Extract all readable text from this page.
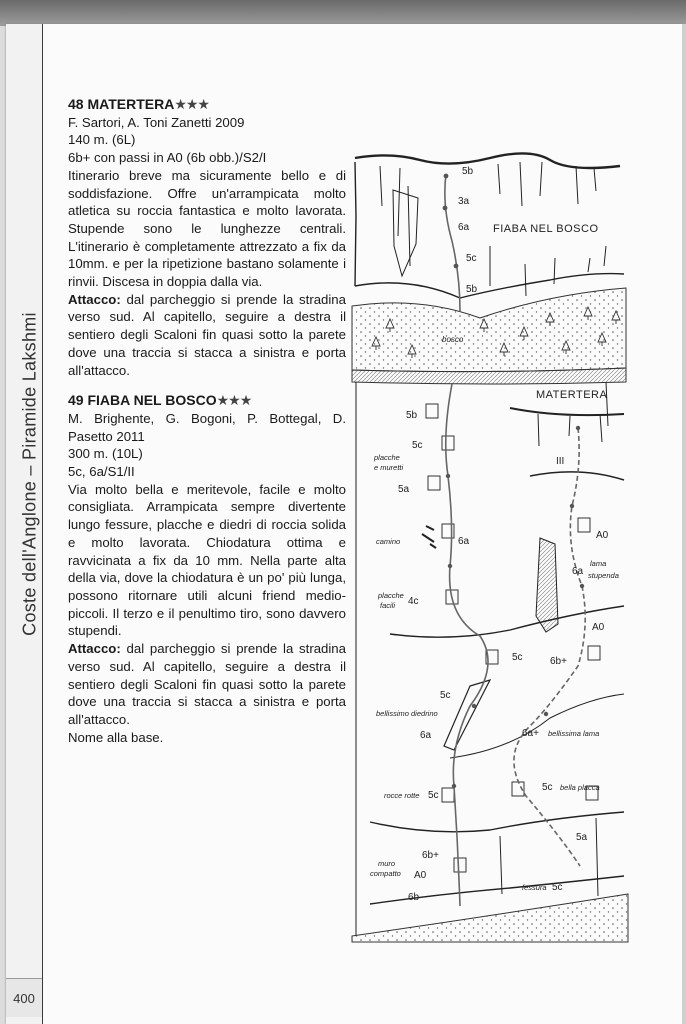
Coste dell'Anglone – Piramide Lakshmi
400

48 MATERTERA★★★

F. Sartori, A. Toni Zanetti 2009

140 m. (6L)

6b+ con passi in A0 (6b obb.)/S2/I

Itinerario breve ma sicuramente bello e di soddisfazione. Offre un'arrampicata molto atletica su roccia fantastica e molto lavorata. Stupende sono le lunghezze centrali. L'itinerario è completamente attrezzato a fix da 10mm. e per la ripetizione bastano solamente i rinvii. Discesa in doppia dalla via.

Attacco: dal parcheggio si prende la stradina verso sud. Al capitello, seguire a destra il sentiero degli Scaloni fin quasi sotto la parete dove una traccia si stacca a sinistra e porta all'attacco.

49 FIABA NEL BOSCO★★★

M. Brighente, G. Bogoni, P. Bottegal, D. Pasetto 2011

300 m. (10L)

5c, 6a/S1/II

Via molto bella e meritevole, facile e molto consigliata. Arrampicata sempre divertente lungo fessure, placche e diedri di roccia solida e molto lavorata. Chiodatura ottima e ravvicinata a fix da 10 mm. Nella parte alta della via, dove la chiodatura è un po' più lunga, possono ritornare utili alcuni friend medio-piccoli. Il terzo e il penultimo tiro, sono davvero stupendi.

Attacco: dal parcheggio si prende la stradina verso sud. Al capitello, seguire a destra il sentiero degli Scaloni fin quasi sotto la parete dove una traccia si stacca a sinistra e porta all'attacco.

Nome alla base.

5b
3a
6a
5c
5b
FIABA NEL BOSCO
bosco
MATERTERA
5b
5c
5a
6a
4c
5c
5c
6a
5c
6b+
A0
6b
placche
e muretti
camino
placche
facili
bellissimo diedrino
rocce rotte
muro
compatto
III
A0
6a
A0
6b+
6a+
5c
5a
5c
lama
stupenda
bellissima lama
bella placca
fessura
